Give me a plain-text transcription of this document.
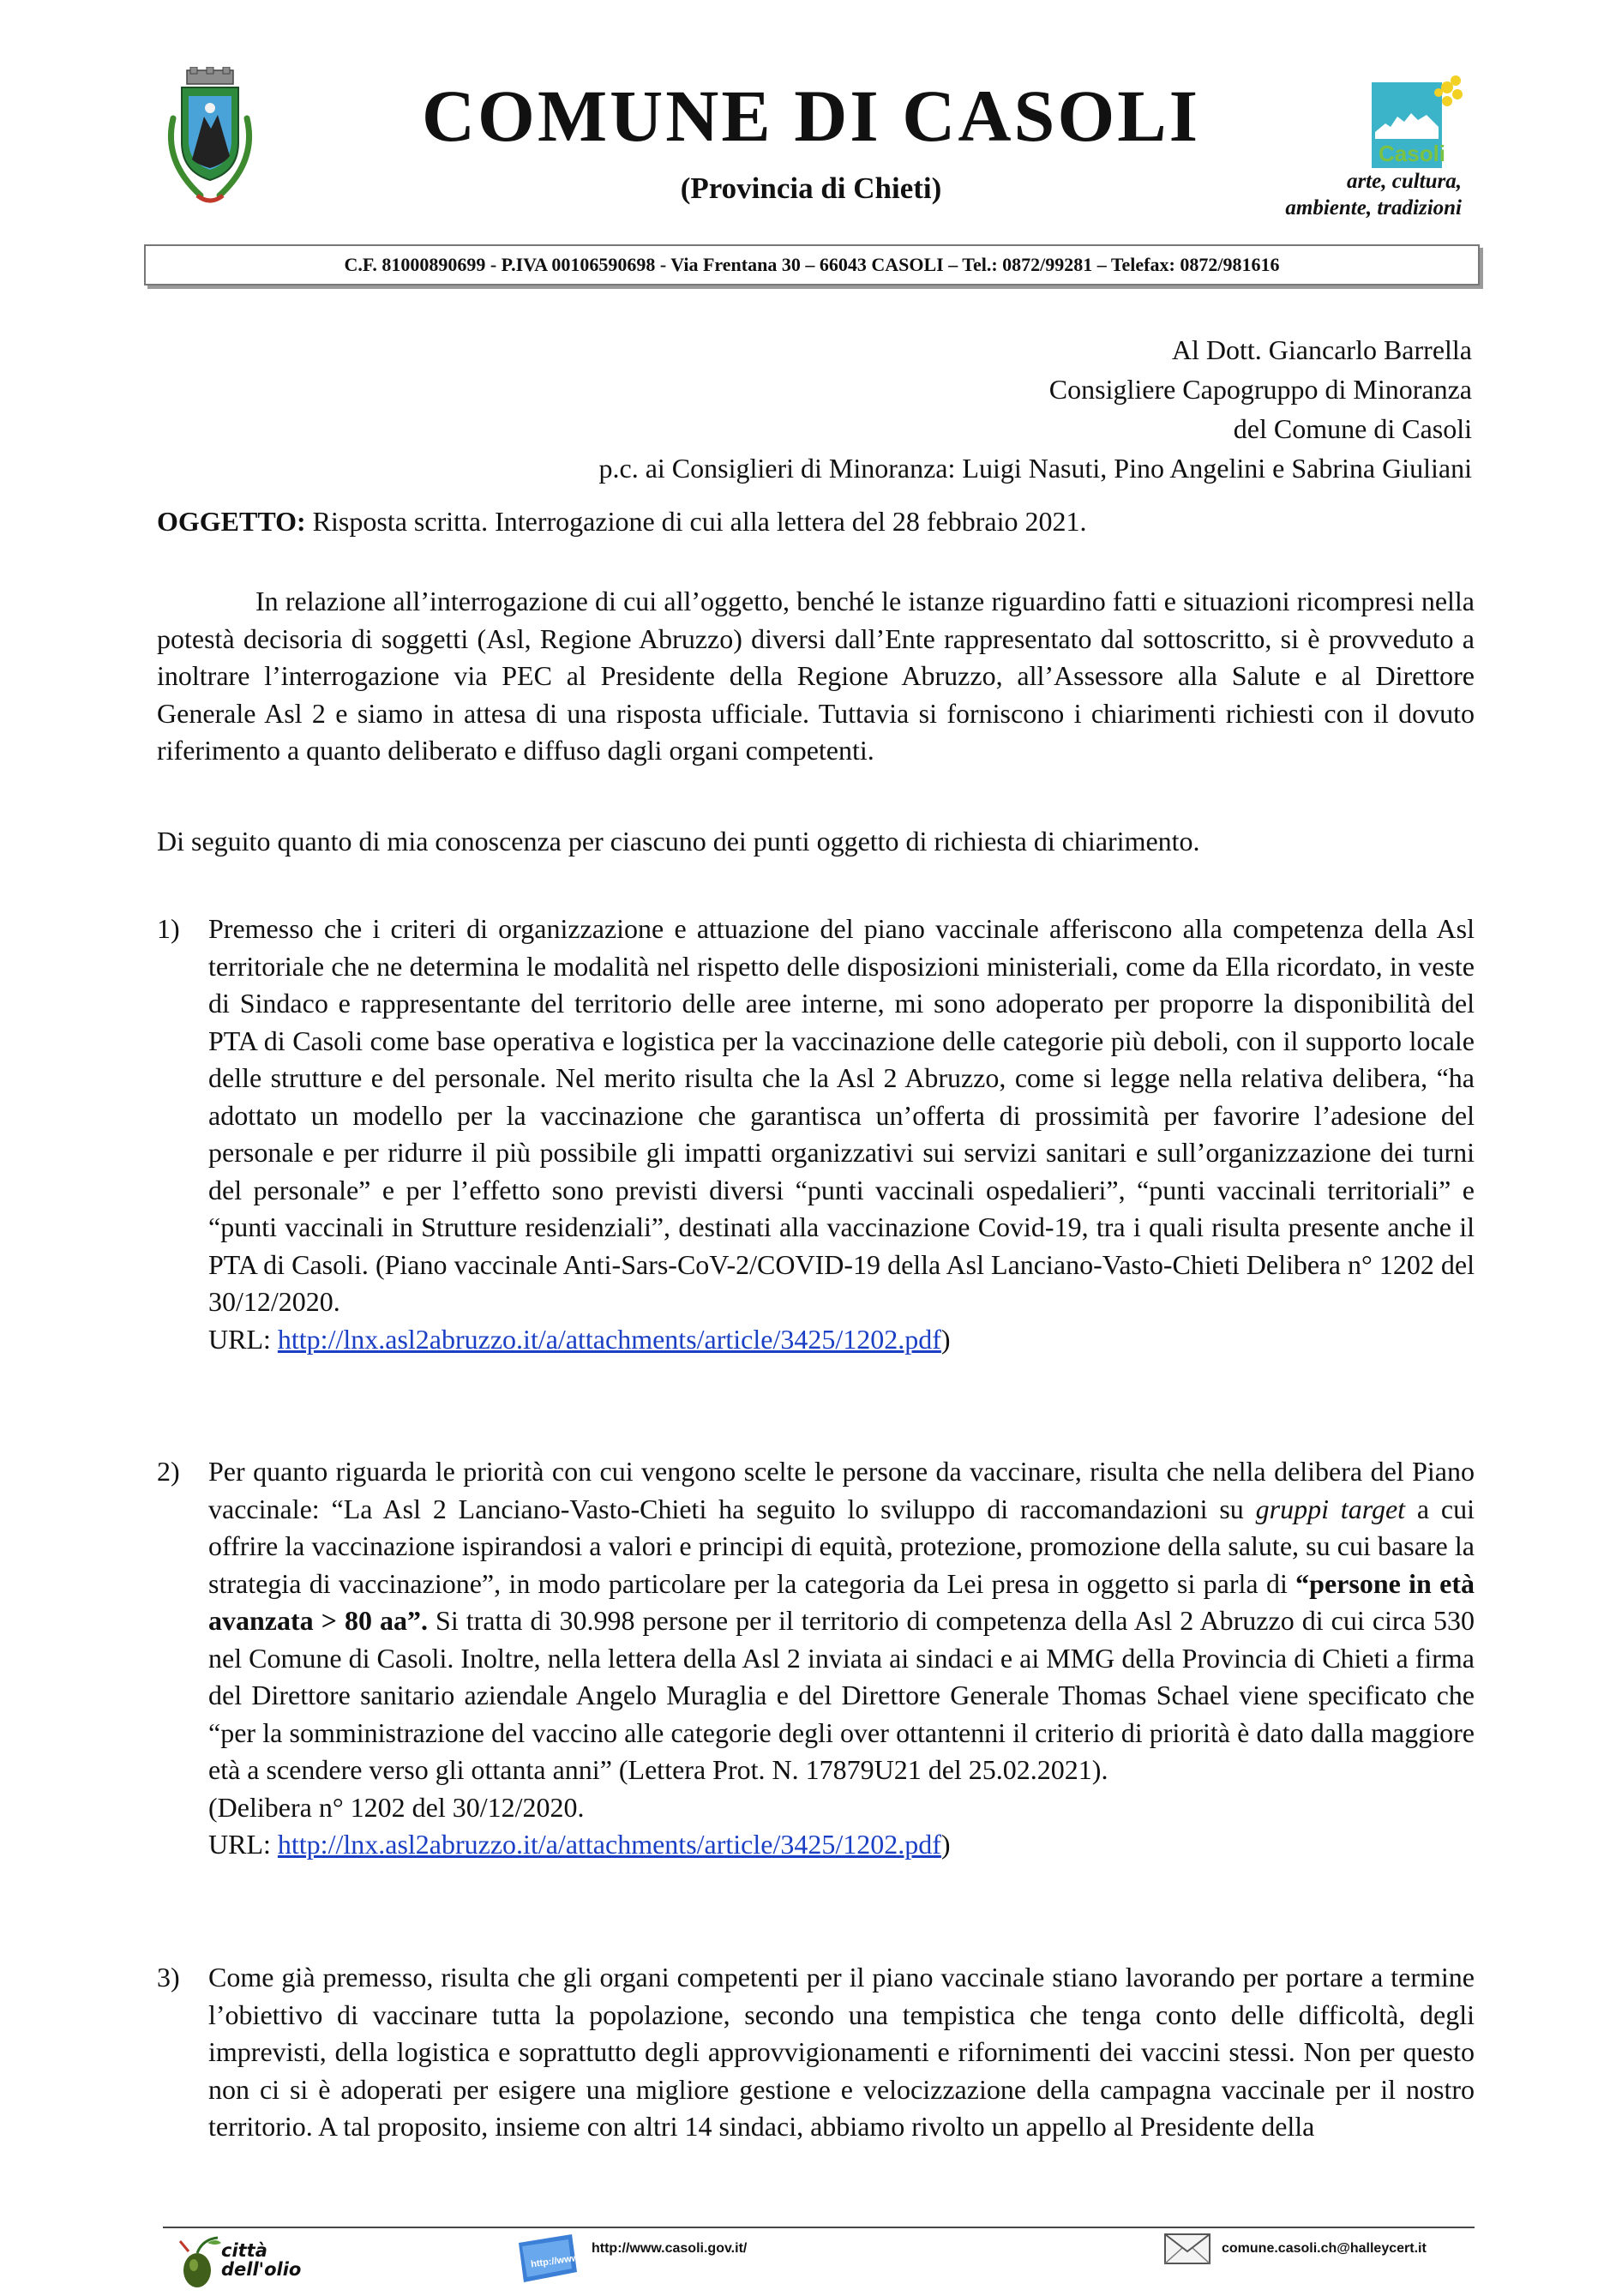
COMUNE DI CASOLI
(Provincia di Chieti)
Casoli
arte, cultura,
ambiente, tradizioni
C.F. 81000890699 - P.IVA 00106590698 - Via Frentana 30 – 66043 CASOLI – Tel.: 0872/99281 – Telefax: 0872/981616
Al Dott. Giancarlo Barrella
Consigliere Capogruppo di Minoranza
del Comune di Casoli
p.c. ai Consiglieri di Minoranza: Luigi Nasuti, Pino Angelini e Sabrina Giuliani
OGGETTO: Risposta scritta. Interrogazione di cui alla lettera del 28 febbraio 2021.
In relazione all’interrogazione di cui all’oggetto, benché le istanze riguardino fatti e situazioni ricompresi nella potestà decisoria di soggetti (Asl, Regione Abruzzo) diversi dall’Ente rappresentato dal sottoscritto, si è provveduto a inoltrare l’interrogazione via PEC al Presidente della Regione Abruzzo, all’Assessore alla Salute e al Direttore Generale Asl 2 e siamo in attesa di una risposta ufficiale. Tuttavia si forniscono i chiarimenti richiesti con il dovuto riferimento a quanto deliberato e diffuso dagli organi competenti.
Di seguito quanto di mia conoscenza per ciascuno dei punti oggetto di richiesta di chiarimento.
1) Premesso che i criteri di organizzazione e attuazione del piano vaccinale afferiscono alla competenza della Asl territoriale che ne determina le modalità nel rispetto delle disposizioni ministeriali, come da Ella ricordato, in veste di Sindaco e rappresentante del territorio delle aree interne, mi sono adoperato per proporre la disponibilità del PTA di Casoli come base operativa e logistica per la vaccinazione delle categorie più deboli, con il supporto locale delle strutture e del personale. Nel merito risulta che la Asl 2 Abruzzo, come si legge nella relativa delibera, “ha adottato un modello per la vaccinazione che garantisca un’offerta di prossimità per favorire l’adesione del personale e per ridurre il più possibile gli impatti organizzativi sui servizi sanitari e sull’organizzazione dei turni del personale” e per l’effetto sono previsti diversi “punti vaccinali ospedalieri”, “punti vaccinali territoriali” e “punti vaccinali in Strutture residenziali”, destinati alla vaccinazione Covid-19, tra i quali risulta presente anche il PTA di Casoli. (Piano vaccinale Anti-Sars-CoV-2/COVID-19 della Asl Lanciano-Vasto-Chieti Delibera n° 1202 del 30/12/2020.
URL: http://lnx.asl2abruzzo.it/a/attachments/article/3425/1202.pdf)
2) Per quanto riguarda le priorità con cui vengono scelte le persone da vaccinare, risulta che nella delibera del Piano vaccinale: “La Asl 2 Lanciano-Vasto-Chieti ha seguito lo sviluppo di raccomandazioni su gruppi target a cui offrire la vaccinazione ispirandosi a valori e principi di equità, protezione, promozione della salute, su cui basare la strategia di vaccinazione”, in modo particolare per la categoria da Lei presa in oggetto si parla di “persone in età avanzata > 80 aa”. Si tratta di 30.998 persone per il territorio di competenza della Asl 2 Abruzzo di cui circa 530 nel Comune di Casoli. Inoltre, nella lettera della Asl 2 inviata ai sindaci e ai MMG della Provincia di Chieti a firma del Direttore sanitario aziendale Angelo Muraglia e del Direttore Generale Thomas Schael viene specificato che “per la somministrazione del vaccino alle categorie degli over ottantenni il criterio di priorità è dato dalla maggiore età a scendere verso gli ottanta anni” (Lettera Prot. N. 17879U21 del 25.02.2021).
(Delibera n° 1202 del 30/12/2020.
URL: http://lnx.asl2abruzzo.it/a/attachments/article/3425/1202.pdf)
3) Come già premesso, risulta che gli organi competenti per il piano vaccinale stiano lavorando per portare a termine l’obiettivo di vaccinare tutta la popolazione, secondo una tempistica che tenga conto delle difficoltà, degli imprevisti, della logistica e soprattutto degli approvvigionamenti e rifornimenti dei vaccini stessi. Non per questo non ci si è adoperati per esigere una migliore gestione e velocizzazione della campagna vaccinale per il nostro territorio. A tal proposito, insieme con altri 14 sindaci, abbiamo rivolto un appello al Presidente della
città
dell'olio	http://www
http://www.casoli.gov.it/	comune.casoli.ch@halleycert.it
